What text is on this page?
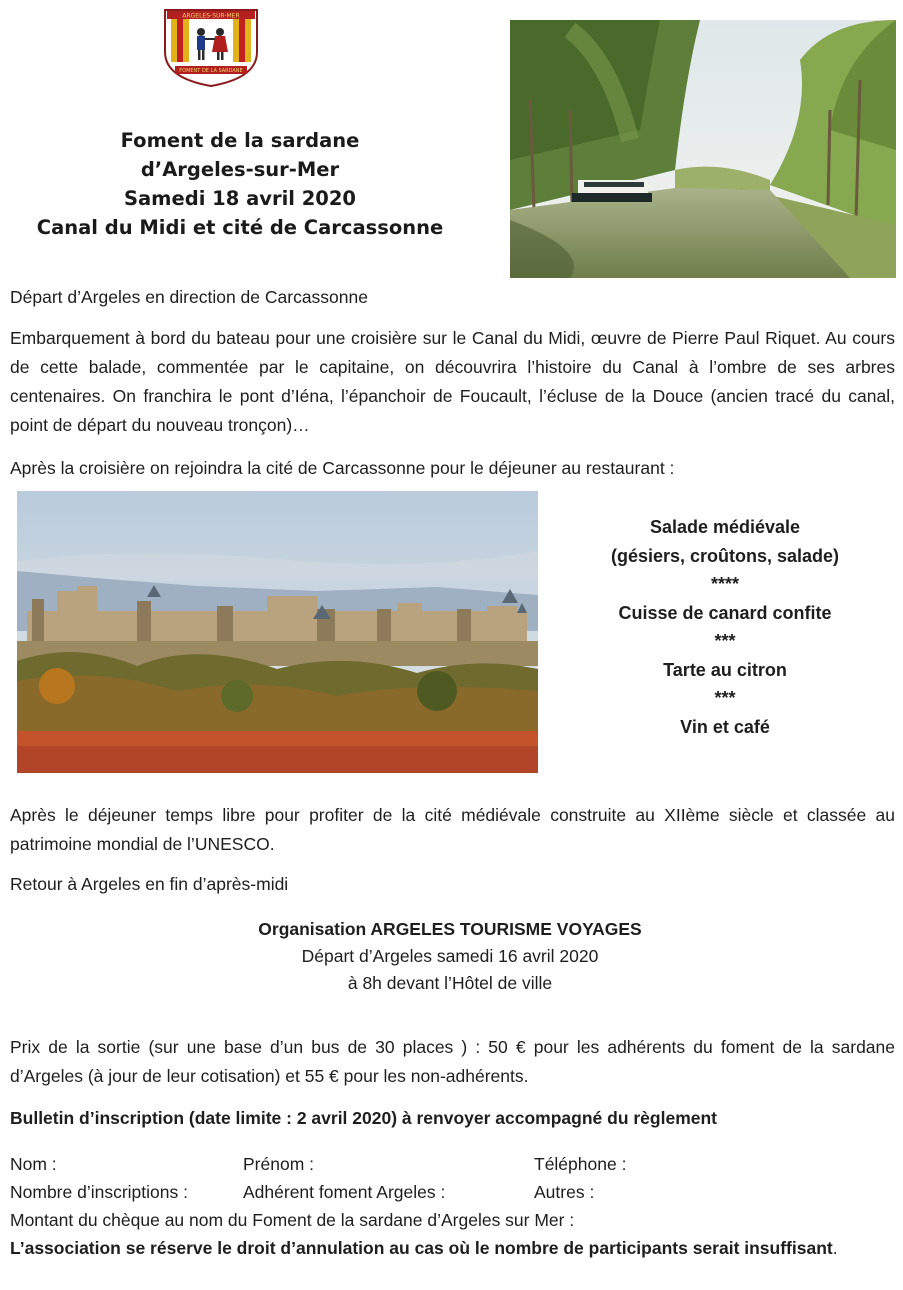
ARGELES-SUR-MER
FOMENT DE LA SARDANE
Foment de la sardane
d’Argeles-sur-Mer
Samedi 18 avril 2020
Canal du Midi et cité de Carcassonne
Départ d’Argeles en direction de Carcassonne
Embarquement à bord du bateau pour une croisière sur le Canal du Midi, œuvre de Pierre Paul Riquet. Au cours de cette balade, commentée par le capitaine, on découvrira l’histoire du Canal à l’ombre de ses arbres centenaires. On franchira le pont d’Iéna, l’épanchoir de Foucault, l’écluse de la Douce (ancien tracé du canal, point de départ du nouveau tronçon)…
Après la croisière on rejoindra la cité de Carcassonne pour le déjeuner au restaurant :
Salade médiévale
(gésiers, croûtons, salade)
****
Cuisse de canard confite
***
Tarte au citron
***
Vin et café
Après le déjeuner temps libre pour profiter de la cité médiévale construite au XIIème siècle et classée au patrimoine mondial de l’UNESCO.
Retour à Argeles en fin d’après-midi
Organisation ARGELES TOURISME VOYAGES
Départ d’Argeles samedi 16 avril 2020
à 8h devant l’Hôtel de ville
Prix de la sortie (sur une base d’un bus de 30 places ) : 50 € pour les adhérents du foment de la sardane d’Argeles (à jour de leur cotisation) et 55 € pour les non-adhérents.
Bulletin d’inscription (date limite : 2 avril 2020) à renvoyer accompagné du règlement
Nom :	Prénom :	Téléphone :
Nombre d’inscriptions :	Adhérent foment Argeles :	Autres :
Montant du chèque au nom du Foment de la sardane d’Argeles sur Mer :
L’association se réserve le droit d’annulation au cas où le nombre de participants serait insuffisant.
